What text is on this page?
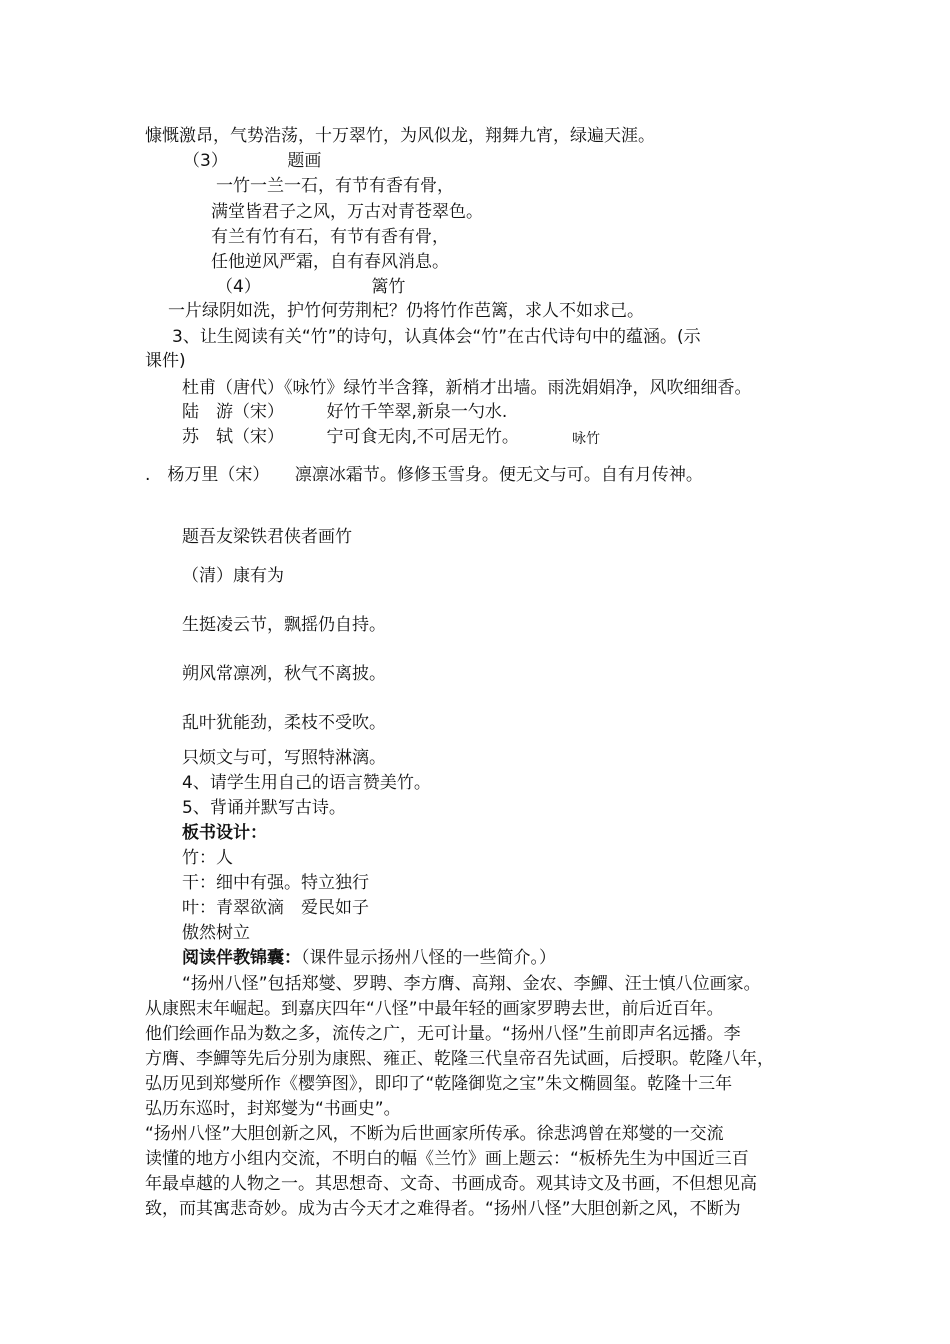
慷慨激昂，气势浩荡，十万翠竹，为风似龙，翔舞九宵，绿遍天涯。
（3）　　　　题画
一竹一兰一石，有节有香有骨，
满堂皆君子之风，万古对青苍翠色。
有兰有竹有石，有节有香有骨，
任他逆风严霜，自有春风消息。
（4）　　　　　　　篱竹
一片绿阴如洗，护竹何劳荆杞？仍将竹作芭篱，求人不如求己。
3、让生阅读有关“竹”的诗句，认真体会“竹”在古代诗句中的蕴涵。(示
课件)
杜甫（唐代）《咏竹》绿竹半含箨，新梢才出墙。雨洗娟娟净，风吹细细香。
陆　游（宋）　　　好竹千竿翠,新泉一勺水.
苏　轼（宋）　　　宁可食无肉,不可居无竹。	咏竹
.　杨万里（宋）　　凛凛冰霜节。修修玉雪身。便无文与可。自有月传神。
题吾友梁铁君侠者画竹
（清）康有为
生挺凌云节，飘摇仍自持。
朔风常凛冽，秋气不离披。
乱叶犹能劲，柔枝不受吹。
只烦文与可，写照特淋漓。
4、请学生用自己的语言赞美竹。
5、背诵并默写古诗。
板书设计：
竹：人
干：细中有强。特立独行
叶：青翠欲滴　爱民如子
傲然树立
阅读伴教锦囊：（课件显示扬州八怪的一些简介。）
“扬州八怪”包括郑燮、罗聘、李方膺、高翔、金农、李鱓、汪士慎八位画家。
从康熙末年崛起。到嘉庆四年“八怪”中最年轻的画家罗聘去世，前后近百年。
他们绘画作品为数之多，流传之广，无可计量。“扬州八怪”生前即声名远播。李
方膺、李鱓等先后分别为康熙、雍正、乾隆三代皇帝召先试画，后授职。乾隆八年，
弘历见到郑燮所作《樱笋图》，即印了“乾隆御览之宝”朱文椭圆玺。乾隆十三年
弘历东巡时，封郑燮为“书画史”。
“扬州八怪”大胆创新之风，不断为后世画家所传承。徐悲鸿曾在郑燮的一交流
读懂的地方小组内交流，不明白的幅《兰竹》画上题云：“板桥先生为中国近三百
年最卓越的人物之一。其思想奇、文奇、书画成奇。观其诗文及书画，不但想见高
致，而其寓悲奇妙。成为古今天才之难得者。“扬州八怪”大胆创新之风，不断为
